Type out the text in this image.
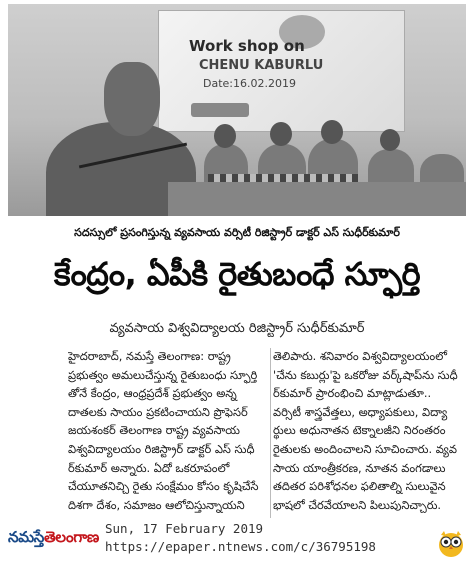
Work shop on
CHENU KABURLU
Date:16.02.2019
సదస్సులో ప్రసంగిస్తున్న వ్యవసాయ వర్సిటీ రిజిస్ట్రార్ డాక్టర్ ఎస్ సుధీర్‌కుమార్
కేంద్రం, ఏపీకి రైతుబంధే స్ఫూర్తి
వ్యవసాయ విశ్వవిద్యాలయ రిజిస్ట్రార్ సుధీర్‌కుమార్
హైదరాబాద్, నమస్తే తెలంగాణ: రాష్ట్ర
ప్రభుత్వం అమలుచేస్తున్న రైతుబంధు స్ఫూర్తి
తోనే కేంద్రం, ఆంధ్రప్రదేశ్ ప్రభుత్వం అన్న
దాతలకు సాయం ప్రకటించాయని ప్రొఫెసర్
జయశంకర్ తెలంగాణ రాష్ట్ర వ్యవసాయ
విశ్వవిద్యాలయం రిజిస్ట్రార్ డాక్టర్ ఎస్ సుధీ
ర్‌కుమార్ అన్నారు. ఏదో ఒకరూపంలో
చేయూతనిచ్చి రైతు సంక్షేమం కోసం కృషిచేసే
దిశగా దేశం, సమాజం ఆలోచిస్తున్నాయని
తెలిపారు. శనివారం విశ్వవిద్యాలయంలో
'చేను కబుర్లు'పై ఒకరోజు వర్క్‌షాప్‌ను సుధీ
ర్‌కుమార్ ప్రారంభించి మాట్లాడుతూ..
వర్సిటీ శాస్త్రవేత్తలు, అధ్యాపకులు, విద్యా
ర్థులు అధునాతన టెక్నాలజీని నిరంతరం
రైతులకు అందించాలని సూచించారు. వ్యవ
సాయ యాంత్రీకరణ, నూతన వంగడాలు
తదితర పరిశోధనల ఫలితాల్ని సులువైన
భాషలో చేరవేయాలని పిలుపునిచ్చారు.
నమస్తేతెలంగాణ Sun, 17 February 2019
https://epaper.ntnews.com/c/36795198
